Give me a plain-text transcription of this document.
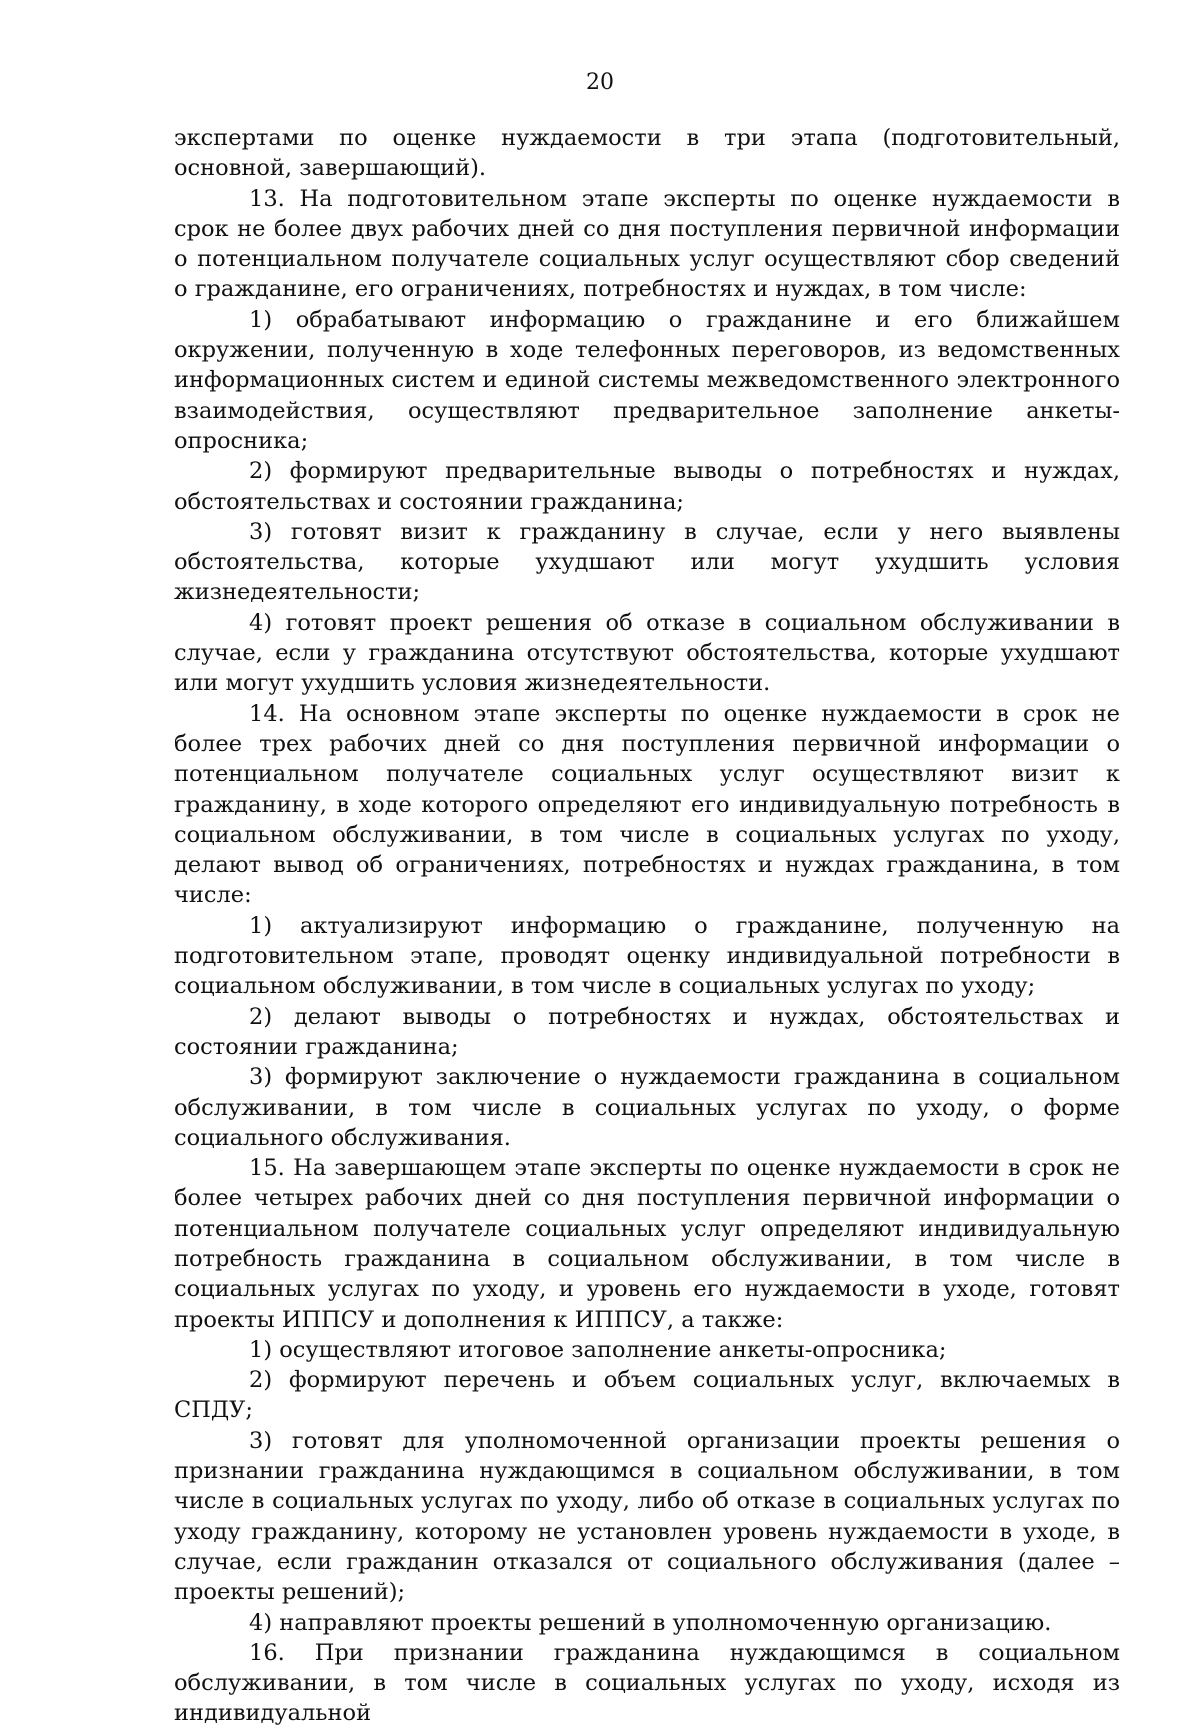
20

экспертами по оценке нуждаемости в три этапа (подготовительный, основной, завершающий).

13. На подготовительном этапе эксперты по оценке нуждаемости в срок не более двух рабочих дней со дня поступления первичной информации о потенциальном получателе социальных услуг осуществляют сбор сведений о гражданине, его ограничениях, потребностях и нуждах, в том числе:

1) обрабатывают информацию о гражданине и его ближайшем окружении, полученную в ходе телефонных переговоров, из ведомственных информационных систем и единой системы межведомственного электронного взаимодействия, осуществляют предварительное заполнение анкеты-опросника;

2) формируют предварительные выводы о потребностях и нуждах, обстоятельствах и состоянии гражданина;

3) готовят визит к гражданину в случае, если у него выявлены обстоятельства, которые ухудшают или могут ухудшить условия жизнедеятельности;

4) готовят проект решения об отказе в социальном обслуживании в случае, если у гражданина отсутствуют обстоятельства, которые ухудшают или могут ухудшить условия жизнедеятельности.

14. На основном этапе эксперты по оценке нуждаемости в срок не более трех рабочих дней со дня поступления первичной информации о потенциальном получателе социальных услуг осуществляют визит к гражданину, в ходе которого определяют его индивидуальную потребность в социальном обслуживании, в том числе в социальных услугах по уходу, делают вывод об ограничениях, потребностях и нуждах гражданина, в том числе:

1) актуализируют информацию о гражданине, полученную на подготовительном этапе, проводят оценку индивидуальной потребности в социальном обслуживании, в том числе в социальных услугах по уходу;

2) делают выводы о потребностях и нуждах, обстоятельствах и состоянии гражданина;

3) формируют заключение о нуждаемости гражданина в социальном обслуживании, в том числе в социальных услугах по уходу, о форме социального обслуживания.

15. На завершающем этапе эксперты по оценке нуждаемости в срок не более четырех рабочих дней со дня поступления первичной информации о потенциальном получателе социальных услуг определяют индивидуальную потребность гражданина в социальном обслуживании, в том числе в социальных услугах по уходу, и уровень его нуждаемости в уходе, готовят проекты ИППСУ и дополнения к ИППСУ, а также:

1) осуществляют итоговое заполнение анкеты-опросника;

2) формируют перечень и объем социальных услуг, включаемых в СПДУ;

3) готовят для уполномоченной организации проекты решения о признании гражданина нуждающимся в социальном обслуживании, в том числе в социальных услугах по уходу, либо об отказе в социальных услугах по уходу гражданину, которому не установлен уровень нуждаемости в уходе, в случае, если гражданин отказался от социального обслуживания (далее – проекты решений);

4) направляют проекты решений в уполномоченную организацию.

16. При признании гражданина нуждающимся в социальном обслуживании, в том числе в социальных услугах по уходу, исходя из индивидуальной
